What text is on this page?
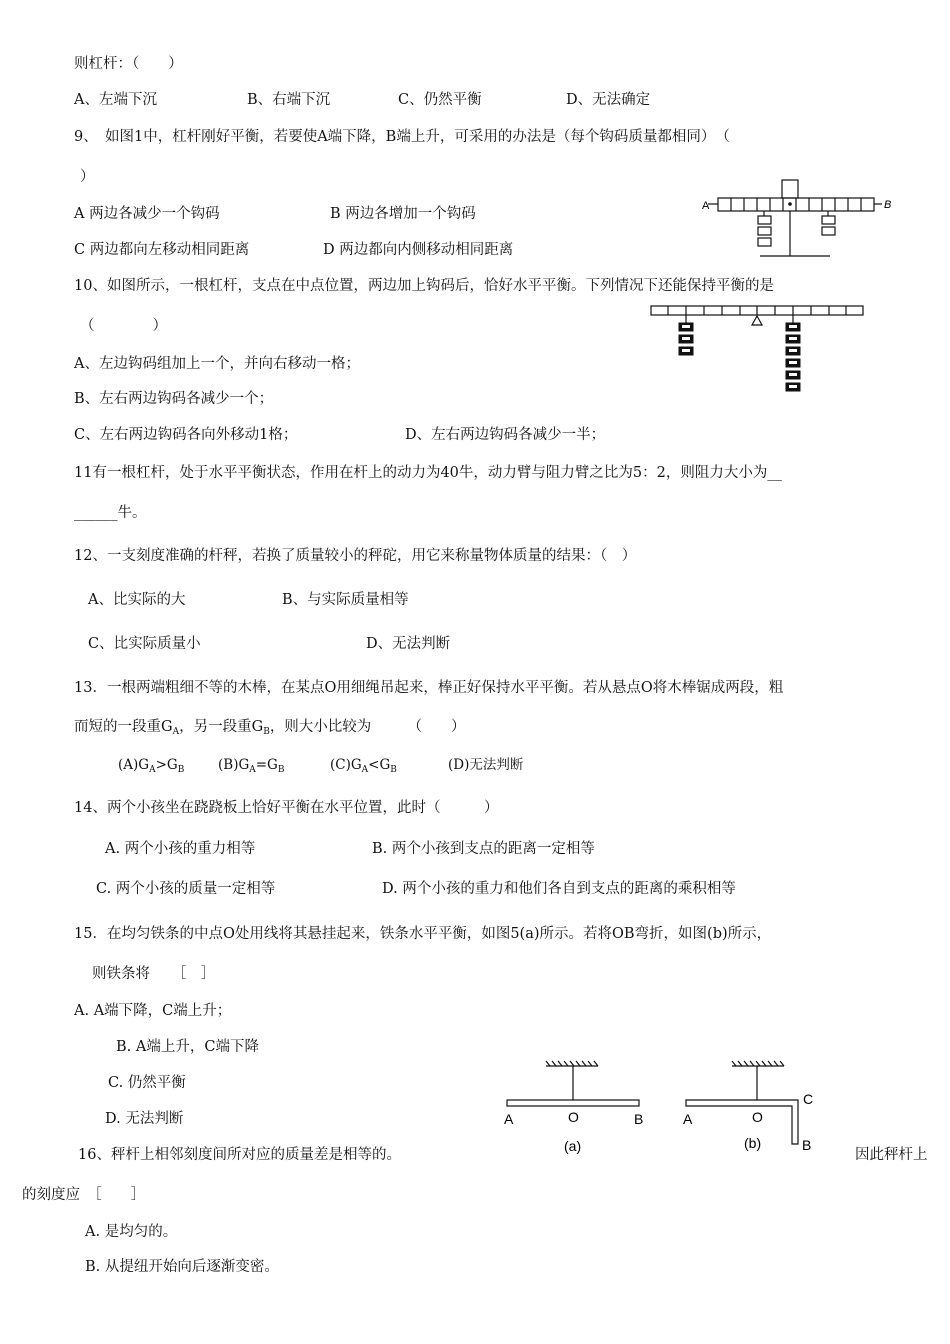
则杠杆：（　　）
A、左端下沉	B、右端下沉	C、仍然平衡	D、无法确定
9、　如图1中，杠杆刚好平衡，若要使A端下降，B端上升，可采用的办法是（每个钩码质量都相同）　（
）
A 两边各减少一个钩码	B 两边各增加一个钩码
C 两边都向左移动相同距离	D 两边都向内侧移动相同距离
A	B
10、如图所示，一根杠杆，支点在中点位置，两边加上钩码后，恰好水平平衡。下列情况下还能保持平衡的是
（　　　　）
A、左边钩码组加上一个，并向右移动一格；
B、左右两边钩码各减少一个；
C、左右两边钩码各向外移动1格；	D、左右两边钩码各减少一半；
11有一根杠杆，处于水平平衡状态，作用在杆上的动力为40牛，动力臂与阻力臂之比为5：2，则阻力大小为__
______牛。
12、一支刻度准确的杆秤，若换了质量较小的秤砣，用它来称量物体质量的结果：（　）
A、比实际的大	B、与实际质量相等
C、比实际质量小	D、无法判断
13．一根两端粗细不等的木棒，在某点O用细绳吊起来，棒正好保持水平平衡。若从悬点O将木棒锯成两段，粗
而短的一段重$G_A$，另一段重$G_B$，则大小比较为　　　（　　）
$(A)G_A>G_B$ $(B)G_A=G_B$	$(C)G_A<G_B$	(D)无法判断
14、两个小孩坐在跷跷板上恰好平衡在水平位置，此时（　　　）
A. 两个小孩的重力相等	B. 两个小孩到支点的距离一定相等
C. 两个小孩的质量一定相等	D. 两个小孩的重力和他们各自到支点的距离的乘积相等
15．在均匀铁条的中点O处用线将其悬挂起来，铁条水平平衡，如图5(a)所示。若将OB弯折，如图(b)所示，
则铁条将　　［　］
A. A端下降，C端上升；
B. A端上升，C端下降
C. 仍然平衡
D. 无法判断	A	O	B
(a)
A	O
C
B
(b)
16、秤杆上相邻刻度间所对应的质量差是相等的。	因此秤杆上
的刻度应　［　　］
A. 是均匀的。
B. 从提纽开始向后逐渐变密。
